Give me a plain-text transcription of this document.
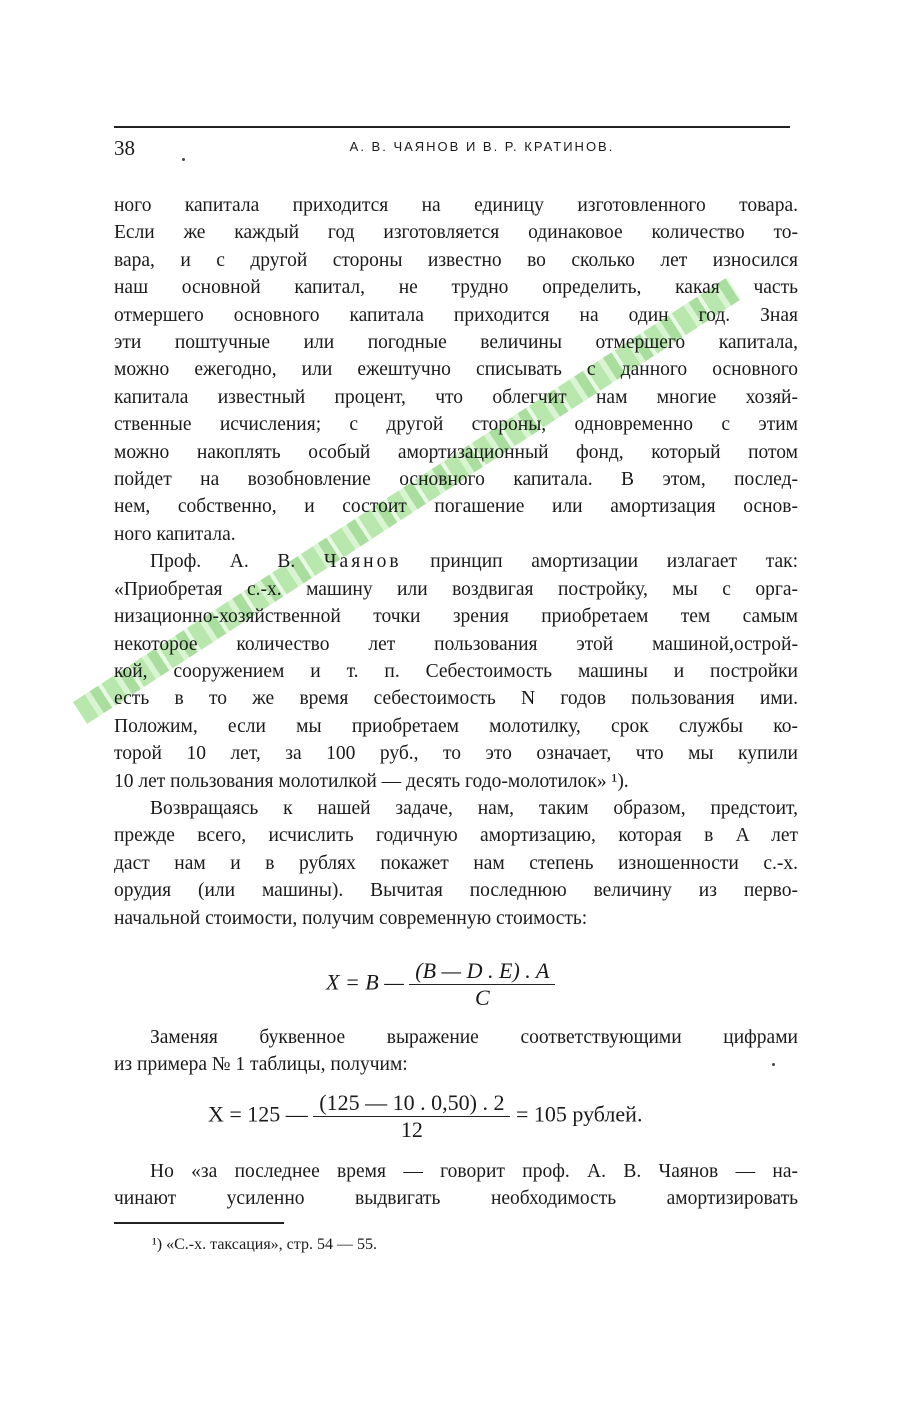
38	А. В. ЧАЯНОВ И В. Р. КРАТИНОВ.

ного капитала приходится на единицу изготовленного товара.
Если же каждый год изготовляется одинаковое количество то-
вара, и с другой стороны известно во сколько лет износился
наш основной капитал, не трудно определить, какая часть
отмершего основного капитала приходится на один год. Зная
эти поштучные или погодные величины отмершего капитала,
можно ежегодно, или ежештучно списывать с данного основного
капитала известный процент, что облегчит нам многие хозяй-
ственные исчисления; с другой стороны, одновременно с этим
можно накоплять особый амортизационный фонд, который потом
пойдет на возобновление основного капитала. В этом, послед-
нем, собственно, и состоит погашение или амортизация основ-
ного капитала.

Проф. А. В. Чаянов принцип амортизации излагает так:
«Приобретая с.-х. машину или воздвигая постройку, мы с орга-
низационно-хозяйственной точки зрения приобретаем тем самым
некоторое количество лет пользования этой машиной,острой-
кой, сооружением и т. п. Себестоимость машины и постройки
есть в то же время себестоимость N годов пользования ими.
Положим, если мы приобретаем молотилку, срок службы ко-
торой 10 лет, за 100 руб., то это означает, что мы купили
10 лет пользования молотилкой — десять годо-молотилок» ¹).

Возвращаясь к нашей задаче, нам, таким образом, предстоит,
прежде всего, исчислить годичную амортизацию, которая в A лет
даст нам и в рублях покажет нам степень изношенности с.-х.
орудия (или машины). Вычитая последнюю величину из перво-
начальной стоимости, получим современную стоимость:

X = B — $\frac{(B — D . E) . A}{C}$

Заменяя буквенное выражение соответствующими цифрами
из примера № 1 таблицы, получим:

X = 125 — $\frac{(125 — 10 . 0,50) . 2}{12} = 105$ рублей.

Но «за последнее время — говорит проф. А. В. Чаянов — на-
чинают усиленно выдвигать необходимость амортизировать

¹) «С.-х. таксация», стр. 54 — 55.
